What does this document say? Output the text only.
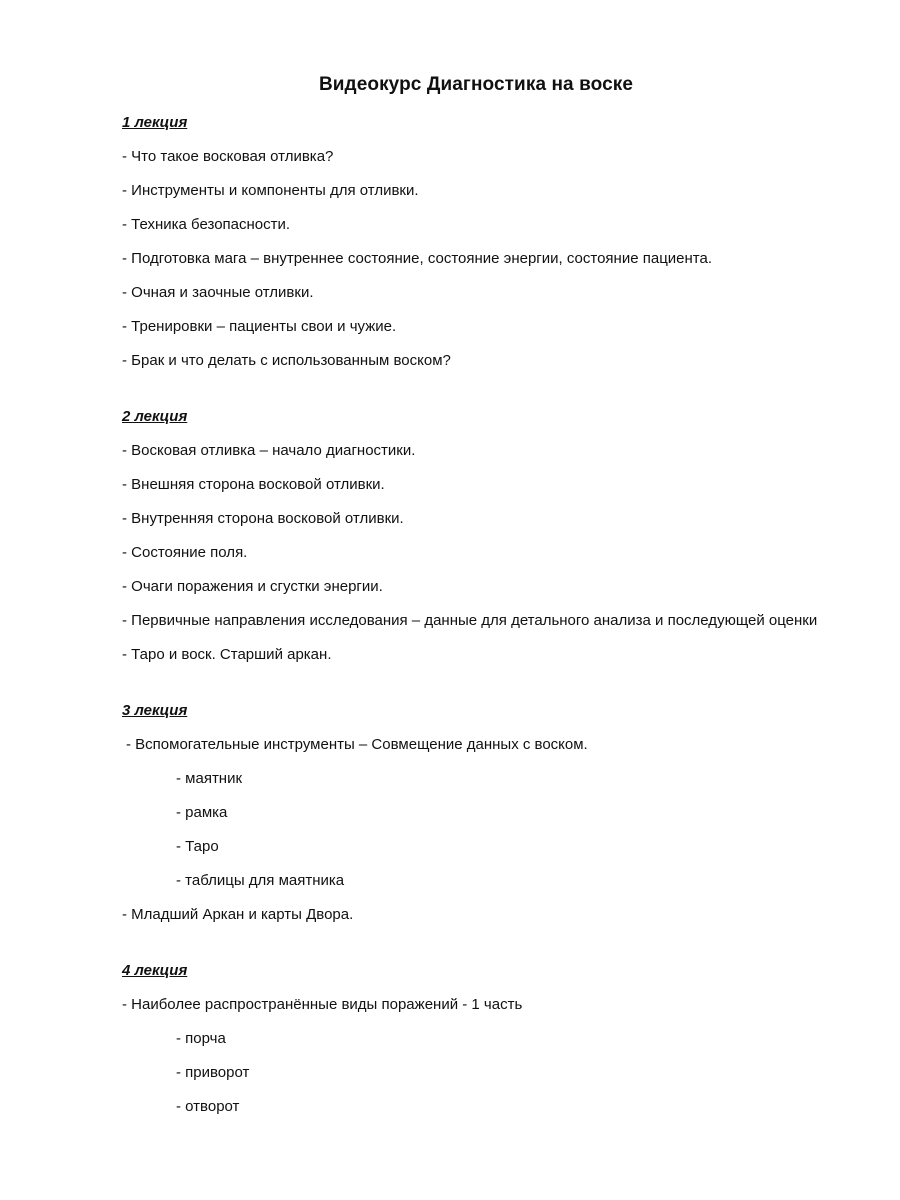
Видеокурс Диагностика на воске
1 лекция
- Что такое восковая отливка?
- Инструменты и компоненты для отливки.
- Техника безопасности.
- Подготовка мага – внутреннее состояние, состояние энергии, состояние пациента.
- Очная и заочные отливки.
- Тренировки – пациенты свои и чужие.
- Брак и что делать с использованным воском?
2 лекция
- Восковая отливка – начало диагностики.
- Внешняя сторона восковой отливки.
- Внутренняя сторона восковой отливки.
- Состояние поля.
- Очаги поражения и сгустки энергии.
- Первичные направления исследования – данные для детального анализа и последующей оценки
- Таро и воск. Старший аркан.
3 лекция
- Вспомогательные инструменты – Совмещение данных с воском.
- маятник
- рамка
- Таро
- таблицы для маятника
- Младший Аркан и карты Двора.
4 лекция
- Наиболее распространённые виды поражений - 1 часть
- порча
- приворот
- отворот
